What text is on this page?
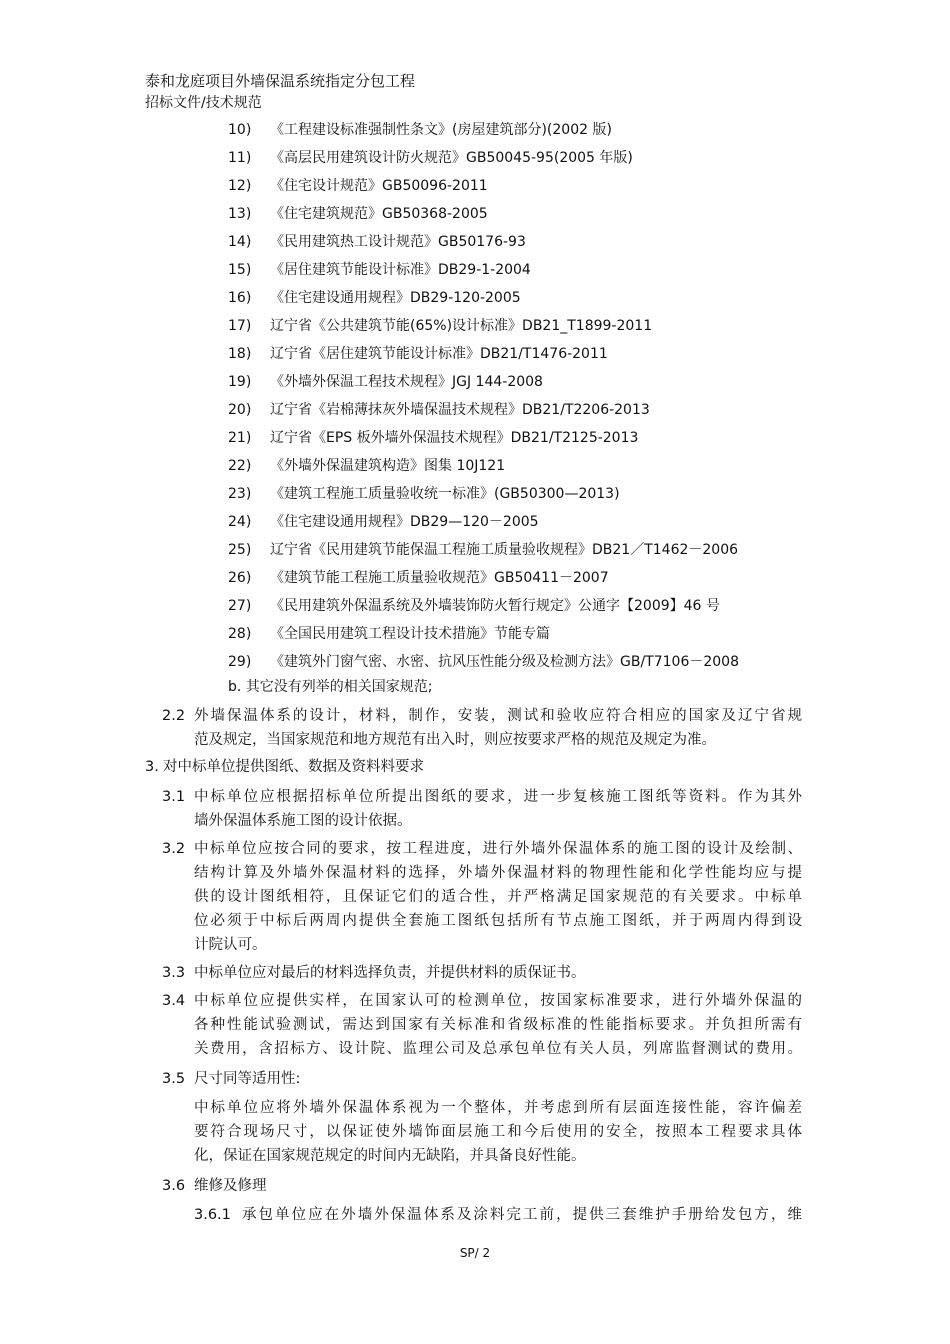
泰和龙庭项目外墙保温系统指定分包工程
招标文件/技术规范
10)	《工程建设标准强制性条文》(房屋建筑部分)(2002 版)
11)	《高层民用建筑设计防火规范》GB50045-95(2005 年版)
12)	《住宅设计规范》GB50096-2011
13)	《住宅建筑规范》GB50368-2005
14)	《民用建筑热工设计规范》GB50176-93
15)	《居住建筑节能设计标准》DB29-1-2004
16)	《住宅建设通用规程》DB29-120-2005
17)	辽宁省《公共建筑节能(65%)设计标准》DB21_T1899-2011
18)	辽宁省《居住建筑节能设计标准》DB21/T1476-2011
19)	《外墙外保温工程技术规程》JGJ 144-2008
20)	辽宁省《岩棉薄抹灰外墙保温技术规程》DB21/T2206-2013
21)	辽宁省《EPS 板外墙外保温技术规程》DB21/T2125-2013
22)	《外墙外保温建筑构造》图集 10J121
23)	《建筑工程施工质量验收统一标准》(GB50300—2013)
24)	《住宅建设通用规程》DB29—120－2005
25)	辽宁省《民用建筑节能保温工程施工质量验收规程》DB21／T1462－2006
26)	《建筑节能工程施工质量验收规范》GB50411－2007
27)	《民用建筑外保温系统及外墙装饰防火暂行规定》公通字【2009】46 号
28)	《全国民用建筑工程设计技术措施》节能专篇
29)	《建筑外门窗气密、水密、抗风压性能分级及检测方法》GB/T7106－2008
b. 其它没有列举的相关国家规范;
2.2 外墙保温体系的设计，材料，制作，安装，测试和验收应符合相应的国家及辽宁省规
范及规定，当国家规范和地方规范有出入时，则应按要求严格的规范及规定为准。
3. 对中标单位提供图纸、数据及资料料要求
3.1 中标单位应根据招标单位所提出图纸的要求，进一步复核施工图纸等资料。作为其外
墙外保温体系施工图的设计依据。
3.2 中标单位应按合同的要求，按工程进度，进行外墙外保温体系的施工图的设计及绘制、
结构计算及外墙外保温材料的选择，外墙外保温材料的物理性能和化学性能均应与提
供的设计图纸相符，且保证它们的适合性，并严格满足国家规范的有关要求。中标单
位必须于中标后两周内提供全套施工图纸包括所有节点施工图纸，并于两周内得到设
计院认可。
3.3 中标单位应对最后的材料选择负责，并提供材料的质保证书。
3.4 中标单位应提供实样，在国家认可的检测单位，按国家标准要求，进行外墙外保温的
各种性能试验测试，需达到国家有关标准和省级标准的性能指标要求。并负担所需有
关费用，含招标方、设计院、监理公司及总承包单位有关人员，列席监督测试的费用。
3.5 尺寸同等适用性:
中标单位应将外墙外保温体系视为一个整体，并考虑到所有层面连接性能，容许偏差
要符合现场尺寸，以保证使外墙饰面层施工和今后使用的安全，按照本工程要求具体
化，保证在国家规范规定的时间内无缺陷，并具备良好性能。
3.6 维修及修理
3.6.1 承包单位应在外墙外保温体系及涂料完工前，提供三套维护手册给发包方，维
SP/ 2
